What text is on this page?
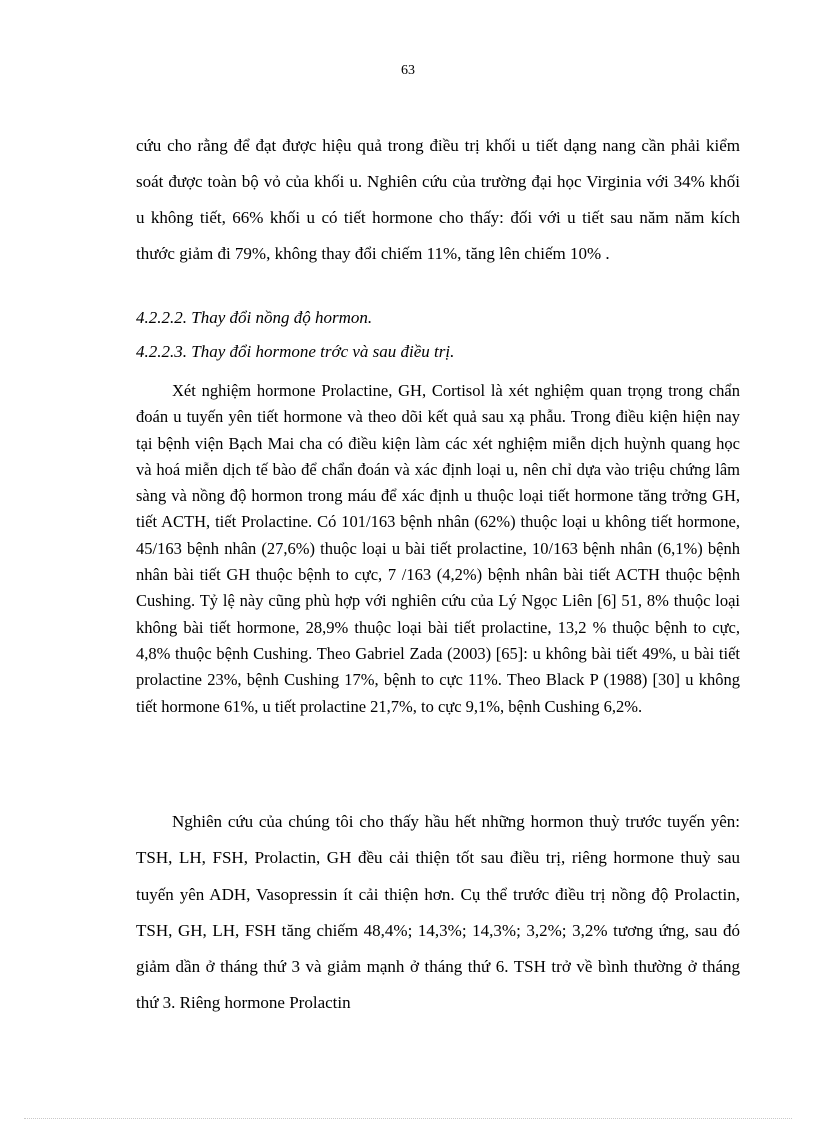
63

cứu cho rằng để đạt được hiệu quả trong điều trị khối u tiết dạng nang cần phải kiểm soát được toàn bộ vỏ của khối u. Nghiên cứu của trường đại học Virginia với 34% khối u không tiết, 66% khối u có tiết hormone cho thấy: đối với u tiết sau năm năm kích thước giảm đi 79%, không thay đổi chiếm 11%, tăng lên chiếm 10% .

4.2.2.2. Thay đổi nồng độ hormon.
4.2.2.3. Thay đổi hormone trớc và sau điều trị.

Xét nghiệm hormone Prolactine, GH, Cortisol là xét nghiệm quan trọng trong chẩn đoán u tuyến yên tiết hormone và theo dõi kết quả sau xạ phẫu. Trong điều kiện hiện nay tại bệnh viện Bạch Mai cha có điều kiện làm các xét nghiệm miễn dịch huỳnh quang học và hoá miễn dịch tế bào để chẩn đoán và xác định loại u, nên chỉ dựa vào triệu chứng lâm sàng và nồng độ hormon trong máu để xác định u thuộc loại tiết hormone tăng trởng GH, tiết ACTH, tiết Prolactine. Có 101/163 bệnh nhân (62%) thuộc loại u không tiết hormone, 45/163 bệnh nhân (27,6%) thuộc loại u bài tiết prolactine, 10/163 bệnh nhân (6,1%) bệnh nhân bài tiết GH thuộc bệnh to cực, 7 /163 (4,2%) bệnh nhân bài tiết ACTH thuộc bệnh Cushing. Tỷ lệ này cũng phù hợp với nghiên cứu của Lý Ngọc Liên [6] 51, 8% thuộc loại không bài tiết hormone, 28,9% thuộc loại bài tiết prolactine, 13,2 % thuộc bệnh to cực, 4,8% thuộc bệnh Cushing. Theo Gabriel Zada (2003) [65]: u không bài tiết 49%, u bài tiết prolactine 23%, bệnh Cushing 17%, bệnh to cực 11%. Theo Black P (1988) [30] u không tiết hormone 61%, u tiết prolactine 21,7%, to cực 9,1%, bệnh Cushing 6,2%.

Nghiên cứu của chúng tôi cho thấy hầu hết những hormon thuỳ trước tuyến yên: TSH, LH, FSH, Prolactin, GH đều cải thiện tốt sau điều trị, riêng hormone thuỳ sau tuyến yên ADH, Vasopressin ít cải thiện hơn. Cụ thể trước điều trị nồng độ Prolactin, TSH, GH, LH, FSH tăng chiếm 48,4%; 14,3%; 14,3%; 3,2%; 3,2% tương ứng, sau đó giảm dần ở tháng thứ 3 và giảm mạnh ở tháng thứ 6. TSH trở về bình thường ở tháng thứ 3. Riêng hormone Prolactin
